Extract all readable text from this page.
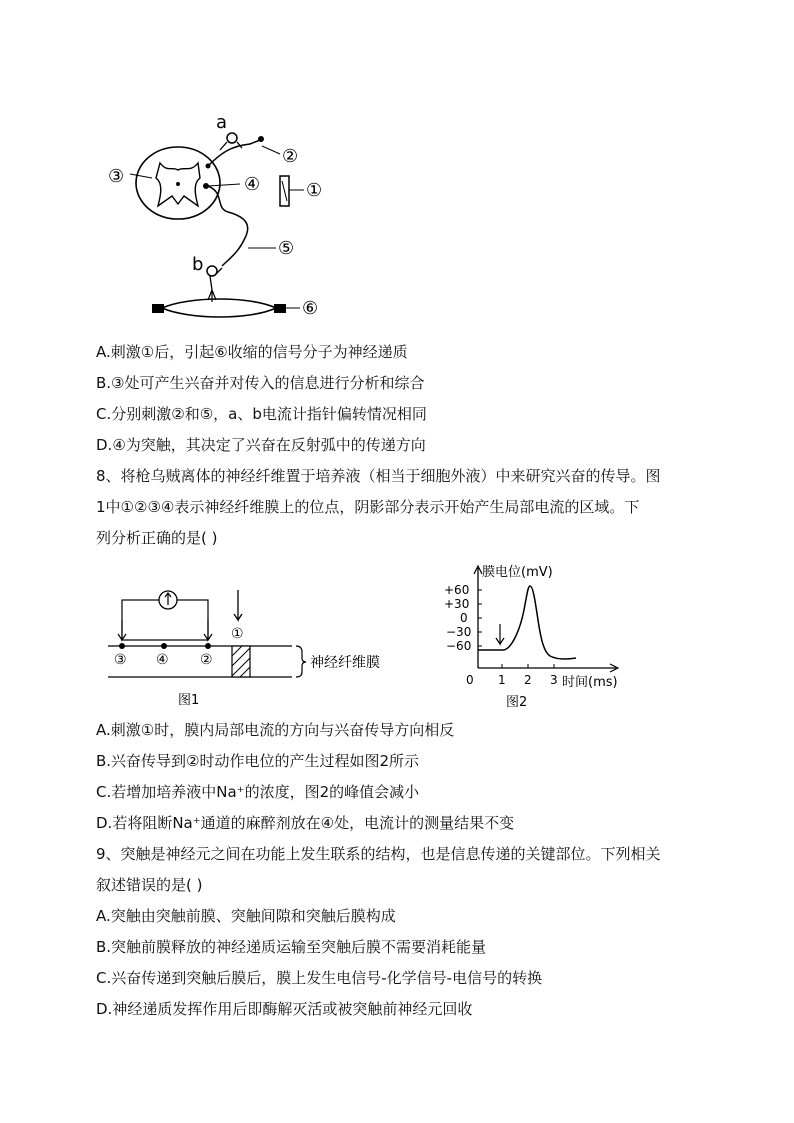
a
b
①
②
③	④
⑤
⑥
A.刺激①后，引起⑥收缩的信号分子为神经递质
B.③处可产生兴奋并对传入的信息进行分析和综合
C.分别刺激②和⑤，a、b电流计指针偏转情况相同
D.④为突触，其决定了兴奋在反射弧中的传递方向
8、将枪乌贼离体的神经纤维置于培养液（相当于细胞外液）中来研究兴奋的传导。图
1中①②③④表示神经纤维膜上的位点，阴影部分表示开始产生局部电流的区域。下
列分析正确的是( )
③ ④ ②
①
神经纤维膜
图1
+60
+30
0
−30
−60
0 1 2 3
膜电位(mV)
时间(ms)
图2
A.刺激①时，膜内局部电流的方向与兴奋传导方向相反
B.兴奋传导到②时动作电位的产生过程如图2所示
C.若增加培养液中Na⁺的浓度，图2的峰值会减小
D.若将阻断Na⁺通道的麻醉剂放在④处，电流计的测量结果不变
9、突触是神经元之间在功能上发生联系的结构，也是信息传递的关键部位。下列相关
叙述错误的是( )
A.突触由突触前膜、突触间隙和突触后膜构成
B.突触前膜释放的神经递质运输至突触后膜不需要消耗能量
C.兴奋传递到突触后膜后，膜上发生电信号-化学信号-电信号的转换
D.神经递质发挥作用后即酶解灭活或被突触前神经元回收
